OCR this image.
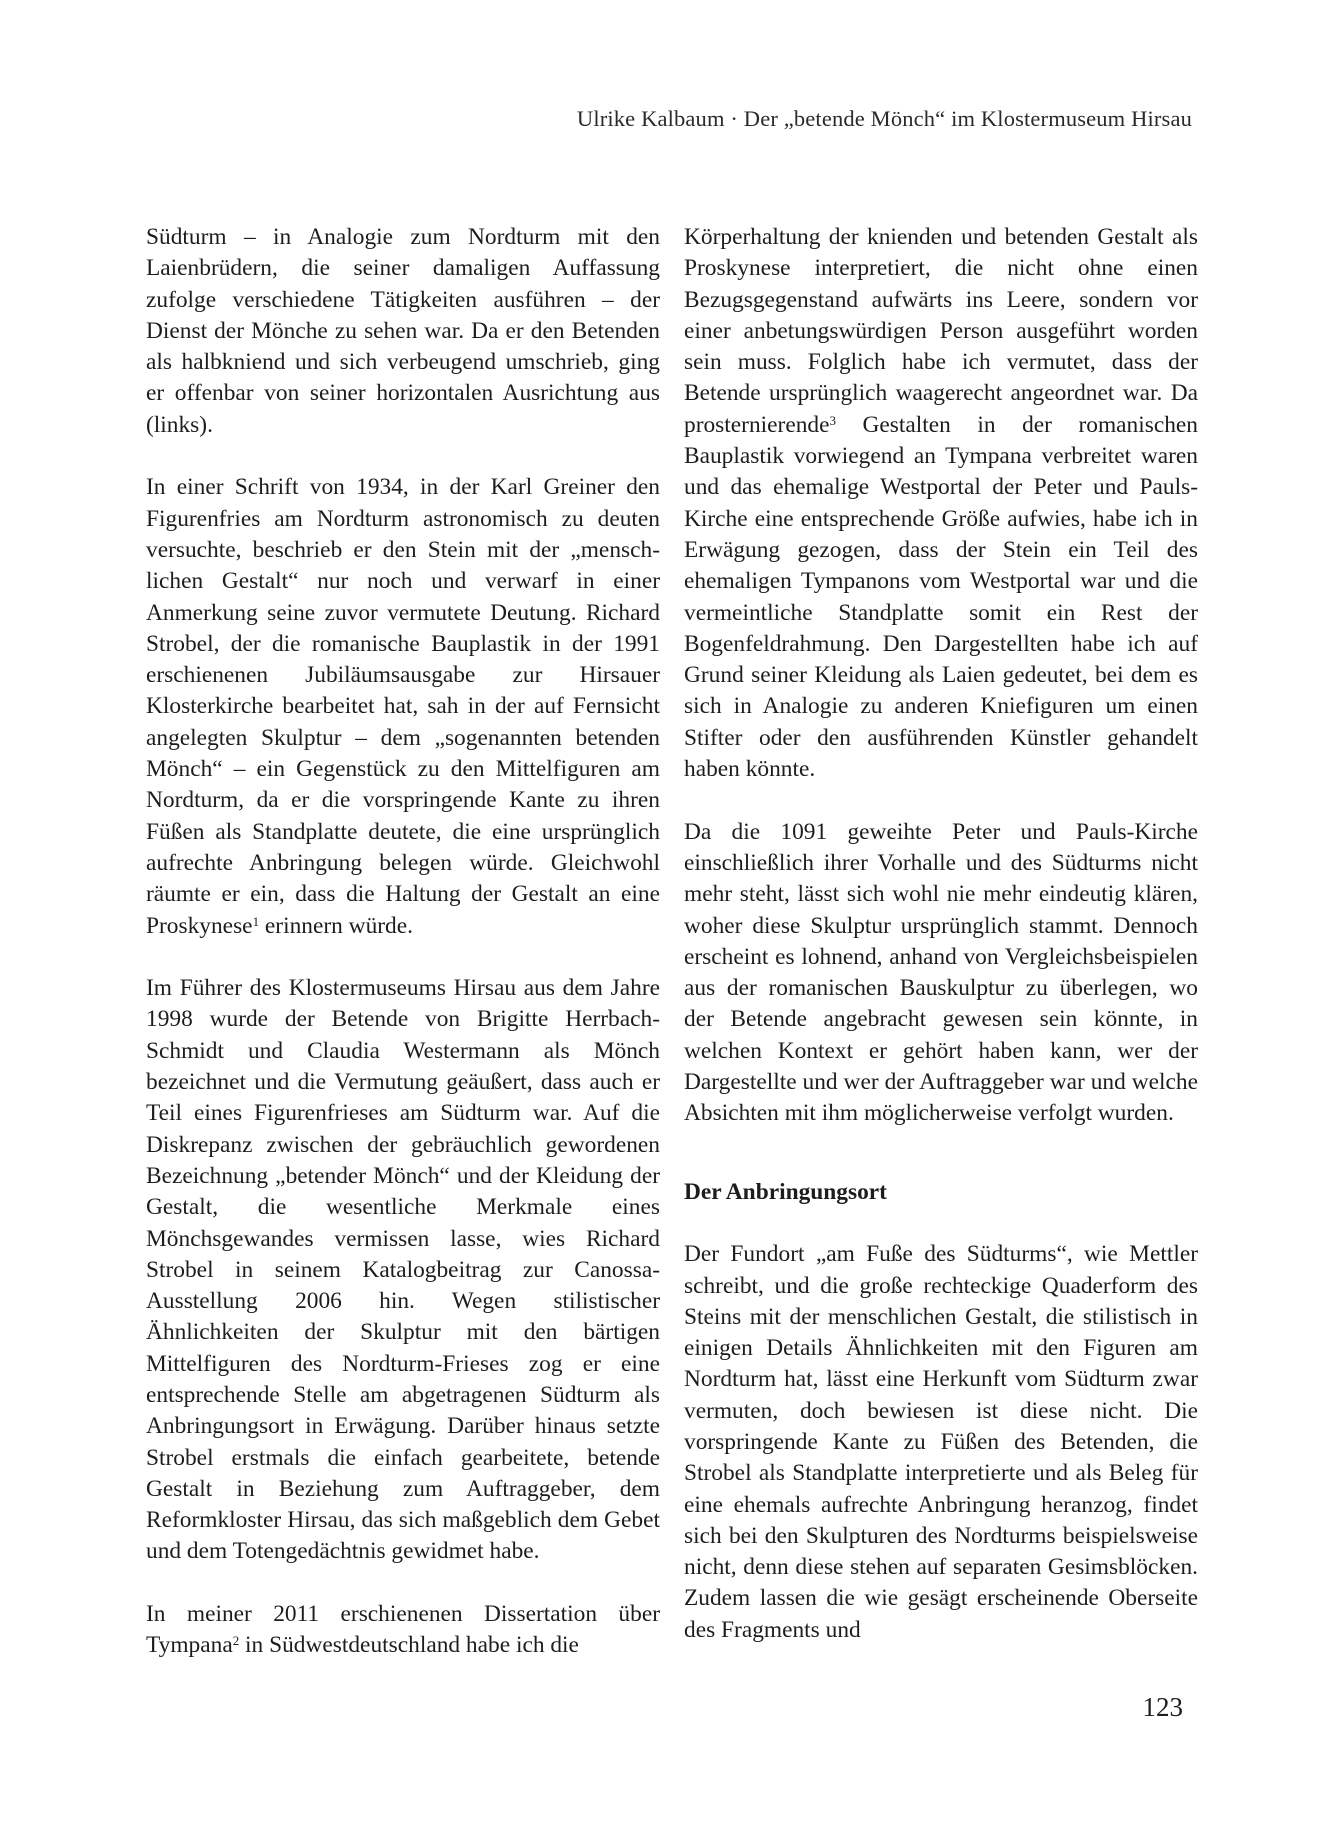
Ulrike Kalbaum · Der „betende Mönch“ im Klostermuseum Hirsau

Südturm – in Analogie zum Nordturm mit den Laienbrüdern, die seiner damaligen Auffassung zufolge verschiedene Tätigkeiten ausführen – der Dienst der Mönche zu sehen war. Da er den Betenden als halbkniend und sich verbeugend umschrieb, ging er offenbar von seiner horizontalen Ausrichtung aus (links).

In einer Schrift von 1934, in der Karl Greiner den Figurenfries am Nordturm astronomisch zu deuten versuchte, beschrieb er den Stein mit der „menschlichen Gestalt“ nur noch und verwarf in einer Anmerkung seine zuvor vermutete Deutung. Richard Strobel, der die romanische Bauplastik in der 1991 erschienenen Jubiläumsausgabe zur Hirsauer Klosterkirche bearbeitet hat, sah in der auf Fernsicht angelegten Skulptur – dem „sogenannten betenden Mönch“ – ein Gegenstück zu den Mittelfiguren am Nordturm, da er die vorspringende Kante zu ihren Füßen als Standplatte deutete, die eine ursprünglich aufrechte Anbringung belegen würde. Gleichwohl räumte er ein, dass die Haltung der Gestalt an eine Proskynese$^1$ erinnern würde.

Im Führer des Klostermuseums Hirsau aus dem Jahre 1998 wurde der Betende von Brigitte Herrbach-Schmidt und Claudia Westermann als Mönch bezeichnet und die Vermutung geäußert, dass auch er Teil eines Figurenfrieses am Südturm war. Auf die Diskrepanz zwischen der gebräuchlich gewordenen Bezeichnung „betender Mönch“ und der Kleidung der Gestalt, die wesentliche Merkmale eines Mönchsgewandes vermissen lasse, wies Richard Strobel in seinem Katalogbeitrag zur Canossa-Ausstellung 2006 hin. Wegen stilistischer Ähnlichkeiten der Skulptur mit den bärtigen Mittelfiguren des Nordturm-Frieses zog er eine entsprechende Stelle am abgetragenen Südturm als Anbringungsort in Erwägung. Darüber hinaus setzte Strobel erstmals die einfach gearbeitete, betende Gestalt in Beziehung zum Auftraggeber, dem Reformkloster Hirsau, das sich maßgeblich dem Gebet und dem Totengedächtnis gewidmet habe.

In meiner 2011 erschienenen Dissertation über Tympana$^2$ in Südwestdeutschland habe ich die

Körperhaltung der knienden und betenden Gestalt als Proskynese interpretiert, die nicht ohne einen Bezugsgegenstand aufwärts ins Leere, sondern vor einer anbetungswürdigen Person ausgeführt worden sein muss. Folglich habe ich vermutet, dass der Betende ursprünglich waagerecht angeordnet war. Da prosternierende$^3$ Gestalten in der romanischen Bauplastik vorwiegend an Tympana verbreitet waren und das ehemalige Westportal der Peter und Pauls-Kirche eine entsprechende Größe aufwies, habe ich in Erwägung gezogen, dass der Stein ein Teil des ehemaligen Tympanons vom Westportal war und die vermeintliche Standplatte somit ein Rest der Bogenfeldrahmung. Den Dargestellten habe ich auf Grund seiner Kleidung als Laien gedeutet, bei dem es sich in Analogie zu anderen Kniefiguren um einen Stifter oder den ausführenden Künstler gehandelt haben könnte.

Da die 1091 geweihte Peter und Pauls-Kirche einschließlich ihrer Vorhalle und des Südturms nicht mehr steht, lässt sich wohl nie mehr eindeutig klären, woher diese Skulptur ursprünglich stammt. Dennoch erscheint es lohnend, anhand von Vergleichsbeispielen aus der romanischen Bauskulptur zu überlegen, wo der Betende angebracht gewesen sein könnte, in welchen Kontext er gehört haben kann, wer der Dargestellte und wer der Auftraggeber war und welche Absichten mit ihm möglicherweise verfolgt wurden.

Der Anbringungsort

Der Fundort „am Fuße des Südturms“, wie Mettler schreibt, und die große rechteckige Quaderform des Steins mit der menschlichen Gestalt, die stilistisch in einigen Details Ähnlichkeiten mit den Figuren am Nordturm hat, lässt eine Herkunft vom Südturm zwar vermuten, doch bewiesen ist diese nicht. Die vorspringende Kante zu Füßen des Betenden, die Strobel als Standplatte interpretierte und als Beleg für eine ehemals aufrechte Anbringung heranzog, findet sich bei den Skulpturen des Nordturms beispielsweise nicht, denn diese stehen auf separaten Gesimsblöcken. Zudem lassen die wie gesägt erscheinende Oberseite des Fragments und

123
